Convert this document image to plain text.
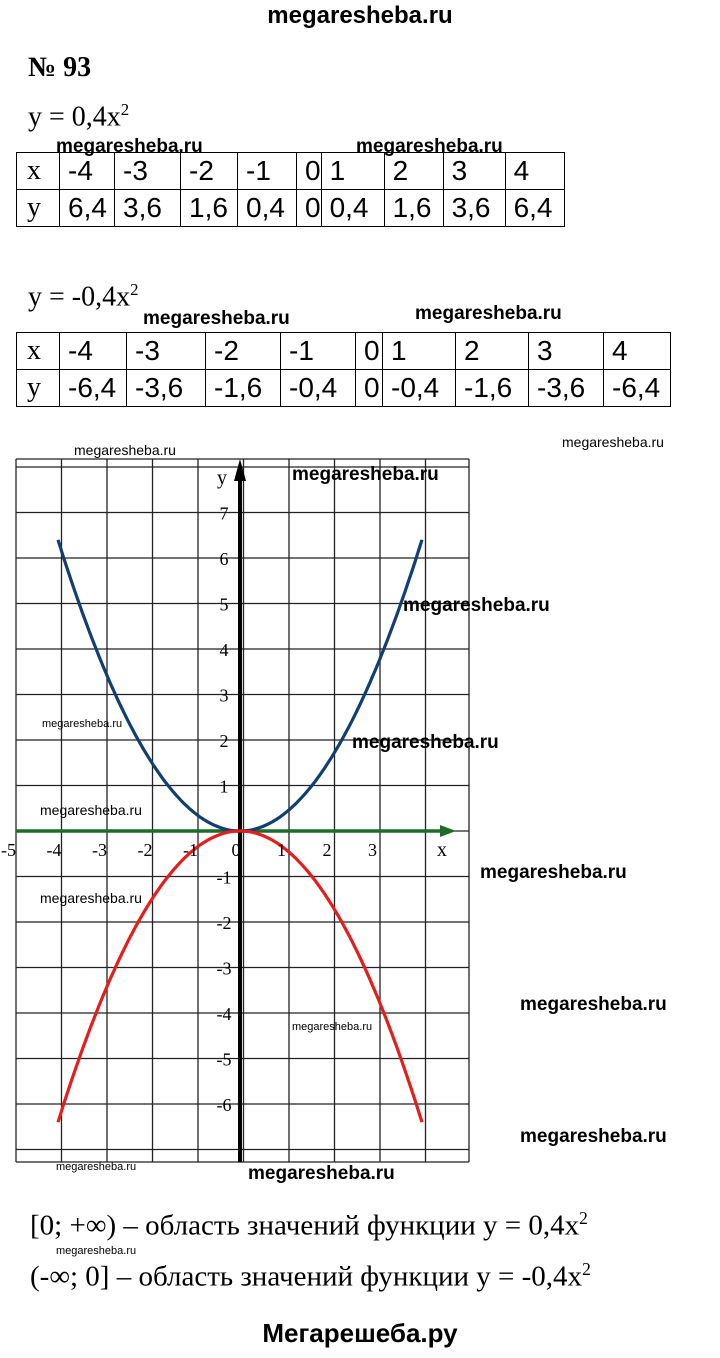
megaresheba.ru
№ 93
$y = 0,4x^2$
x	-4	-3	-2	-1	0	1	2	3	4
y	6,4	3,6	1,6	0,4	0	0,4	1,6	3,6	6,4
$y = -0,4x^2$
x	-4	-3	-2	-1	0	1	2	3	4
y	-6,4	-3,6	-1,6	-0,4	0	-0,4	-1,6	-3,6	-6,4
-5 -4 -3 -2 -1 0 1 2 3
7
6
5
4
3
2
1
-1
-2
-3
-4
-5
-6
x
y
megaresheba.ru	megaresheba.ru
megaresheba.ru	megaresheba.ru
megaresheba.ru	megaresheba.ru
megaresheba.ru
megaresheba.ru
megaresheba.ru
megaresheba.ru
megaresheba.ru
megaresheba.ru
megaresheba.ru
megaresheba.ru
megaresheba.ru
megaresheba.ru
megaresheba.ru	megaresheba.ru
megaresheba.ru
[0; +∞) – область значений функции $y = 0,4x^2$
(-∞; 0] – область значений функции $y = -0,4x^2$
Мегарешеба.ру
